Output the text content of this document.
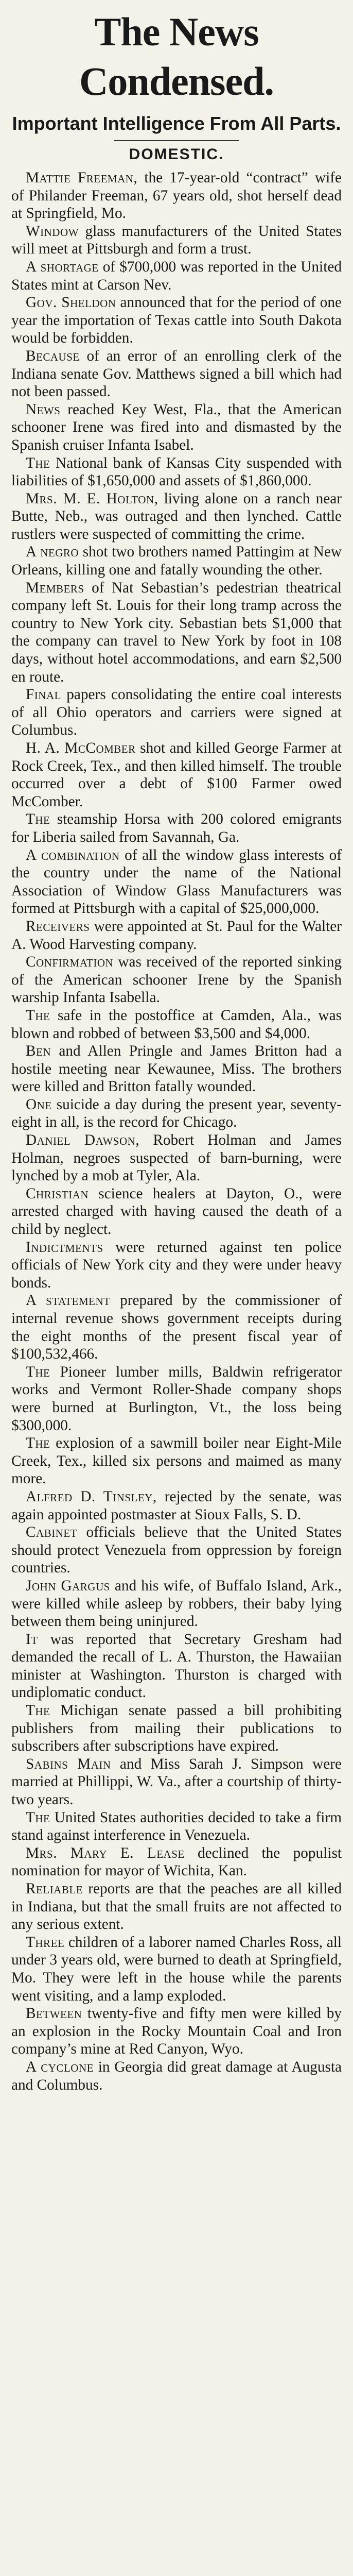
The News Condensed.
Important Intelligence From All Parts.
DOMESTIC.

Mattie Freeman, the 17-year-old “contract” wife of Philander Freeman, 67 years old, shot herself dead at Springfield, Mo.

Window glass manufacturers of the United States will meet at Pittsburgh and form a trust.

A shortage of $700,000 was reported in the United States mint at Carson Nev.

Gov. Sheldon announced that for the period of one year the importation of Texas cattle into South Dakota would be forbidden.

Because of an error of an enrolling clerk of the Indiana senate Gov. Matthews signed a bill which had not been passed.

News reached Key West, Fla., that the American schooner Irene was fired into and dismasted by the Spanish cruiser Infanta Isabel.

The National bank of Kansas City suspended with liabilities of $1,650,000 and assets of $1,860,000.

Mrs. M. E. Holton, living alone on a ranch near Butte, Neb., was outraged and then lynched. Cattle rustlers were suspected of committing the crime.

A negro shot two brothers named Pattingim at New Orleans, killing one and fatally wounding the other.

Members of Nat Sebastian’s pedestrian theatrical company left St. Louis for their long tramp across the country to New York city. Sebastian bets $1,000 that the company can travel to New York by foot in 108 days, without hotel accommodations, and earn $2,500 en route.

Final papers consolidating the entire coal interests of all Ohio operators and carriers were signed at Columbus.

H. A. McComber shot and killed George Farmer at Rock Creek, Tex., and then killed himself. The trouble occurred over a debt of $100 Farmer owed McComber.

The steamship Horsa with 200 colored emigrants for Liberia sailed from Savannah, Ga.

A combination of all the window glass interests of the country under the name of the National Association of Window Glass Manufacturers was formed at Pittsburgh with a capital of $25,000,000.

Receivers were appointed at St. Paul for the Walter A. Wood Harvesting company.

Confirmation was received of the reported sinking of the American schooner Irene by the Spanish warship Infanta Isabella.

The safe in the postoffice at Camden, Ala., was blown and robbed of between $3,500 and $4,000.

Ben and Allen Pringle and James Britton had a hostile meeting near Kewaunee, Miss. The brothers were killed and Britton fatally wounded.

One suicide a day during the present year, seventy-eight in all, is the record for Chicago.

Daniel Dawson, Robert Holman and James Holman, negroes suspected of barn-burning, were lynched by a mob at Tyler, Ala.

Christian science healers at Dayton, O., were arrested charged with having caused the death of a child by neglect.

Indictments were returned against ten police officials of New York city and they were under heavy bonds.

A statement prepared by the commissioner of internal revenue shows government receipts during the eight months of the present fiscal year of $100,532,466.

The Pioneer lumber mills, Baldwin refrigerator works and Vermont Roller-Shade company shops were burned at Burlington, Vt., the loss being $300,000.

The explosion of a sawmill boiler near Eight-Mile Creek, Tex., killed six persons and maimed as many more.

Alfred D. Tinsley, rejected by the senate, was again appointed postmaster at Sioux Falls, S. D.

Cabinet officials believe that the United States should protect Venezuela from oppression by foreign countries.

John Gargus and his wife, of Buffalo Island, Ark., were killed while asleep by robbers, their baby lying between them being uninjured.

It was reported that Secretary Gresham had demanded the recall of L. A. Thurston, the Hawaiian minister at Washington. Thurston is charged with undiplomatic conduct.

The Michigan senate passed a bill prohibiting publishers from mailing their publications to subscribers after subscriptions have expired.

Sabins Main and Miss Sarah J. Simpson were married at Phillippi, W. Va., after a courtship of thirty-two years.

The United States authorities decided to take a firm stand against interference in Venezuela.

Mrs. Mary E. Lease declined the populist nomination for mayor of Wichita, Kan.

Reliable reports are that the peaches are all killed in Indiana, but that the small fruits are not affected to any serious extent.

Three children of a laborer named Charles Ross, all under 3 years old, were burned to death at Springfield, Mo. They were left in the house while the parents went visiting, and a lamp exploded.

Between twenty-five and fifty men were killed by an explosion in the Rocky Mountain Coal and Iron company’s mine at Red Canyon, Wyo.

A cyclone in Georgia did great damage at Augusta and Columbus.
